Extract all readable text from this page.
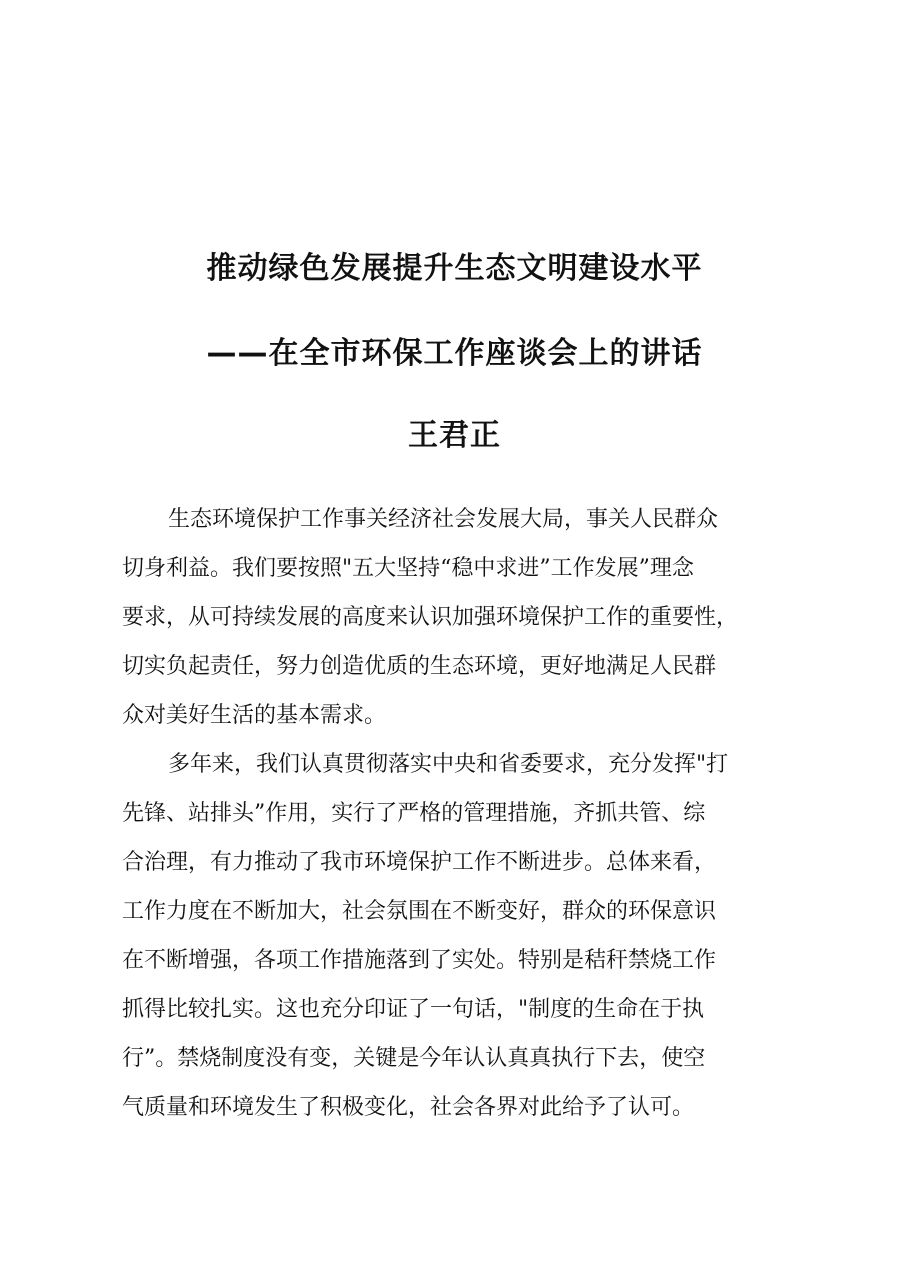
推动绿色发展提升生态文明建设水平
——在全市环保工作座谈会上的讲话
王君正
生态环境保护工作事关经济社会发展大局，事关人民群众
切身利益。我们要按照"五大坚持“稳中求进”工作发展”理念
要求，从可持续发展的高度来认识加强环境保护工作的重要性，
切实负起责任，努力创造优质的生态环境，更好地满足人民群
众对美好生活的基本需求。
多年来，我们认真贯彻落实中央和省委要求，充分发挥"打
先锋、站排头”作用，实行了严格的管理措施，齐抓共管、综
合治理，有力推动了我市环境保护工作不断进步。总体来看，
工作力度在不断加大，社会氛围在不断变好，群众的环保意识
在不断增强，各项工作措施落到了实处。特别是秸秆禁烧工作
抓得比较扎实。这也充分印证了一句话，"制度的生命在于执
行”。禁烧制度没有变，关键是今年认认真真执行下去，使空
气质量和环境发生了积极变化，社会各界对此给予了认可。
